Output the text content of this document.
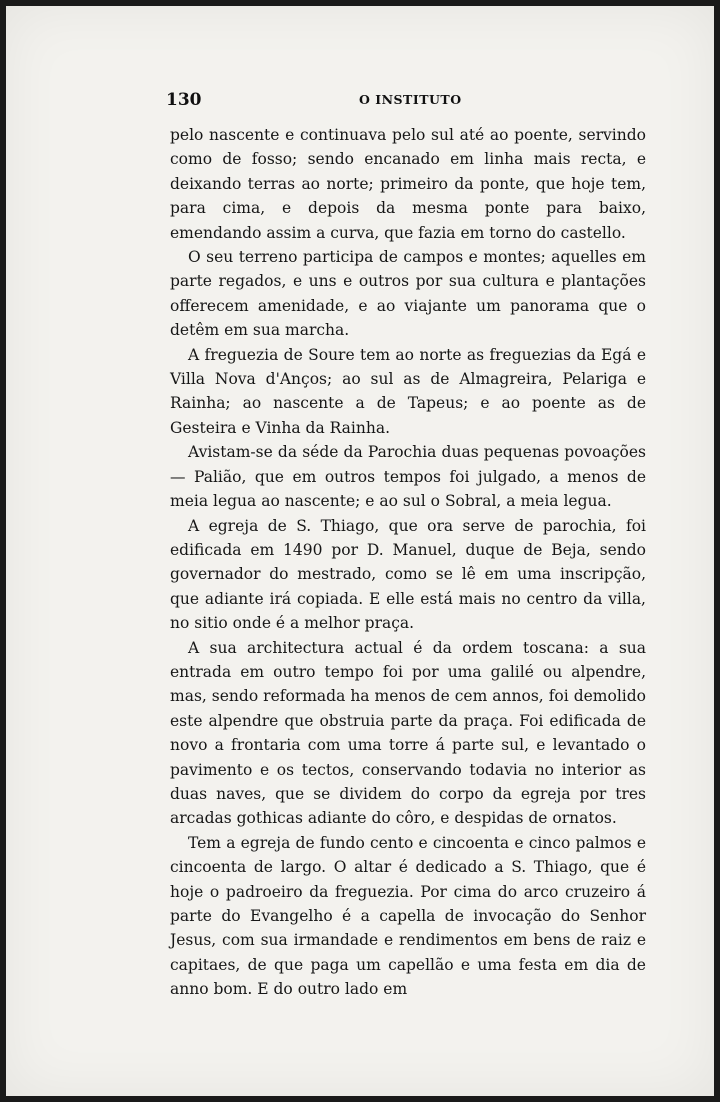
130	O INSTITUTO

pelo nascente e continuava pelo sul até ao poente, servindo como de fosso; sendo encanado em linha mais recta, e deixando terras ao norte; primeiro da ponte, que hoje tem, para cima, e depois da mesma ponte para baixo, emendando assim a curva, que fazia em torno do castello.

O seu terreno participa de campos e montes; aquelles em parte regados, e uns e outros por sua cultura e plantações offerecem amenidade, e ao viajante um panorama que o detêm em sua marcha.

A freguezia de Soure tem ao norte as freguezias da Egá e Villa Nova d'Anços; ao sul as de Almagreira, Pelariga e Rainha; ao nascente a de Tapeus; e ao poente as de Gesteira e Vinha da Rainha.

Avistam-se da séde da Parochia duas pequenas povoações — Palião, que em outros tempos foi julgado, a menos de meia legua ao nascente; e ao sul o Sobral, a meia legua.

A egreja de S. Thiago, que ora serve de parochia, foi edificada em 1490 por D. Manuel, duque de Beja, sendo governador do mestrado, como se lê em uma inscripção, que adiante irá copiada. E elle está mais no centro da villa, no sitio onde é a melhor praça.

A sua architectura actual é da ordem toscana: a sua entrada em outro tempo foi por uma galilé ou alpendre, mas, sendo reformada ha menos de cem annos, foi demolido este alpendre que obstruia parte da praça. Foi edificada de novo a frontaria com uma torre á parte sul, e levantado o pavimento e os tectos, conservando todavia no interior as duas naves, que se dividem do corpo da egreja por tres arcadas gothicas adiante do côro, e despidas de ornatos.

Tem a egreja de fundo cento e cincoenta e cinco palmos e cincoenta de largo. O altar é dedicado a S. Thiago, que é hoje o padroeiro da freguezia. Por cima do arco cruzeiro á parte do Evangelho é a capella de invocação do Senhor Jesus, com sua irmandade e rendimentos em bens de raiz e capitaes, de que paga um capellão e uma festa em dia de anno bom. E do outro lado em
